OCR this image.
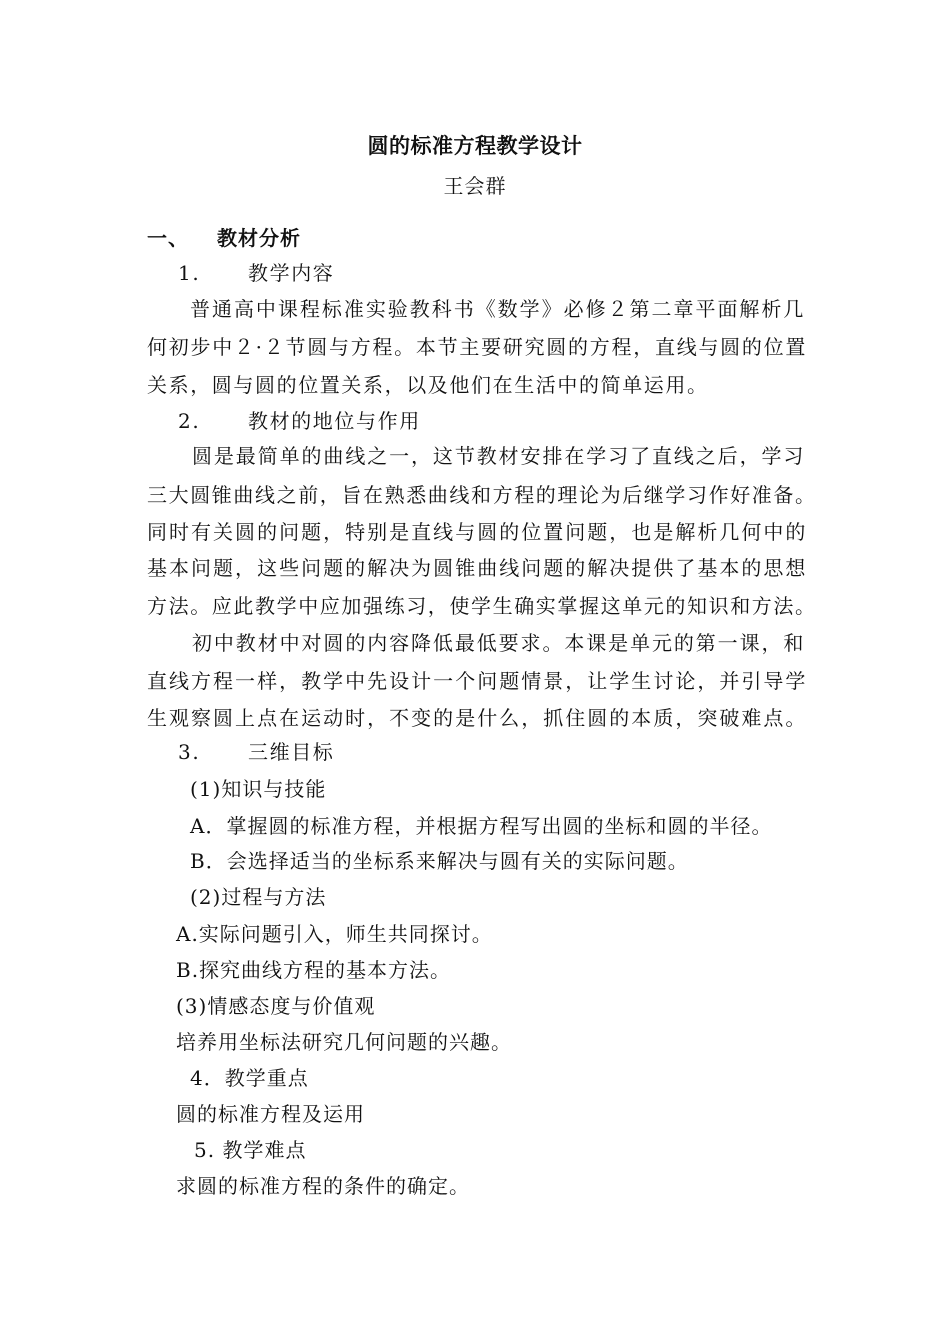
圆的标准方程教学设计
王会群
一、 教材分析
1. 教学内容
普通高中课程标准实验教科书《数学》必修２第二章平面解析几
何初步中２·２节圆与方程。本节主要研究圆的方程，直线与圆的位置
关系，圆与圆的位置关系，以及他们在生活中的简单运用。
2. 教材的地位与作用
圆是最简单的曲线之一，这节教材安排在学习了直线之后，学习
三大圆锥曲线之前，旨在熟悉曲线和方程的理论为后继学习作好准备。
同时有关圆的问题，特别是直线与圆的位置问题，也是解析几何中的
基本问题，这些问题的解决为圆锥曲线问题的解决提供了基本的思想
方法。应此教学中应加强练习，使学生确实掌握这单元的知识和方法。
初中教材中对圆的内容降低最低要求。本课是单元的第一课，和
直线方程一样，教学中先设计一个问题情景，让学生讨论，并引导学
生观察圆上点在运动时，不变的是什么，抓住圆的本质，突破难点。
3. 三维目标
(1)知识与技能
A．掌握圆的标准方程，并根据方程写出圆的坐标和圆的半径。
B．会选择适当的坐标系来解决与圆有关的实际问题。
(2)过程与方法
A.实际问题引入，师生共同探讨。
B.探究曲线方程的基本方法。
(3)情感态度与价值观
培养用坐标法研究几何问题的兴趣。
4．教学重点
圆的标准方程及运用
5. 教学难点
求圆的标准方程的条件的确定。
